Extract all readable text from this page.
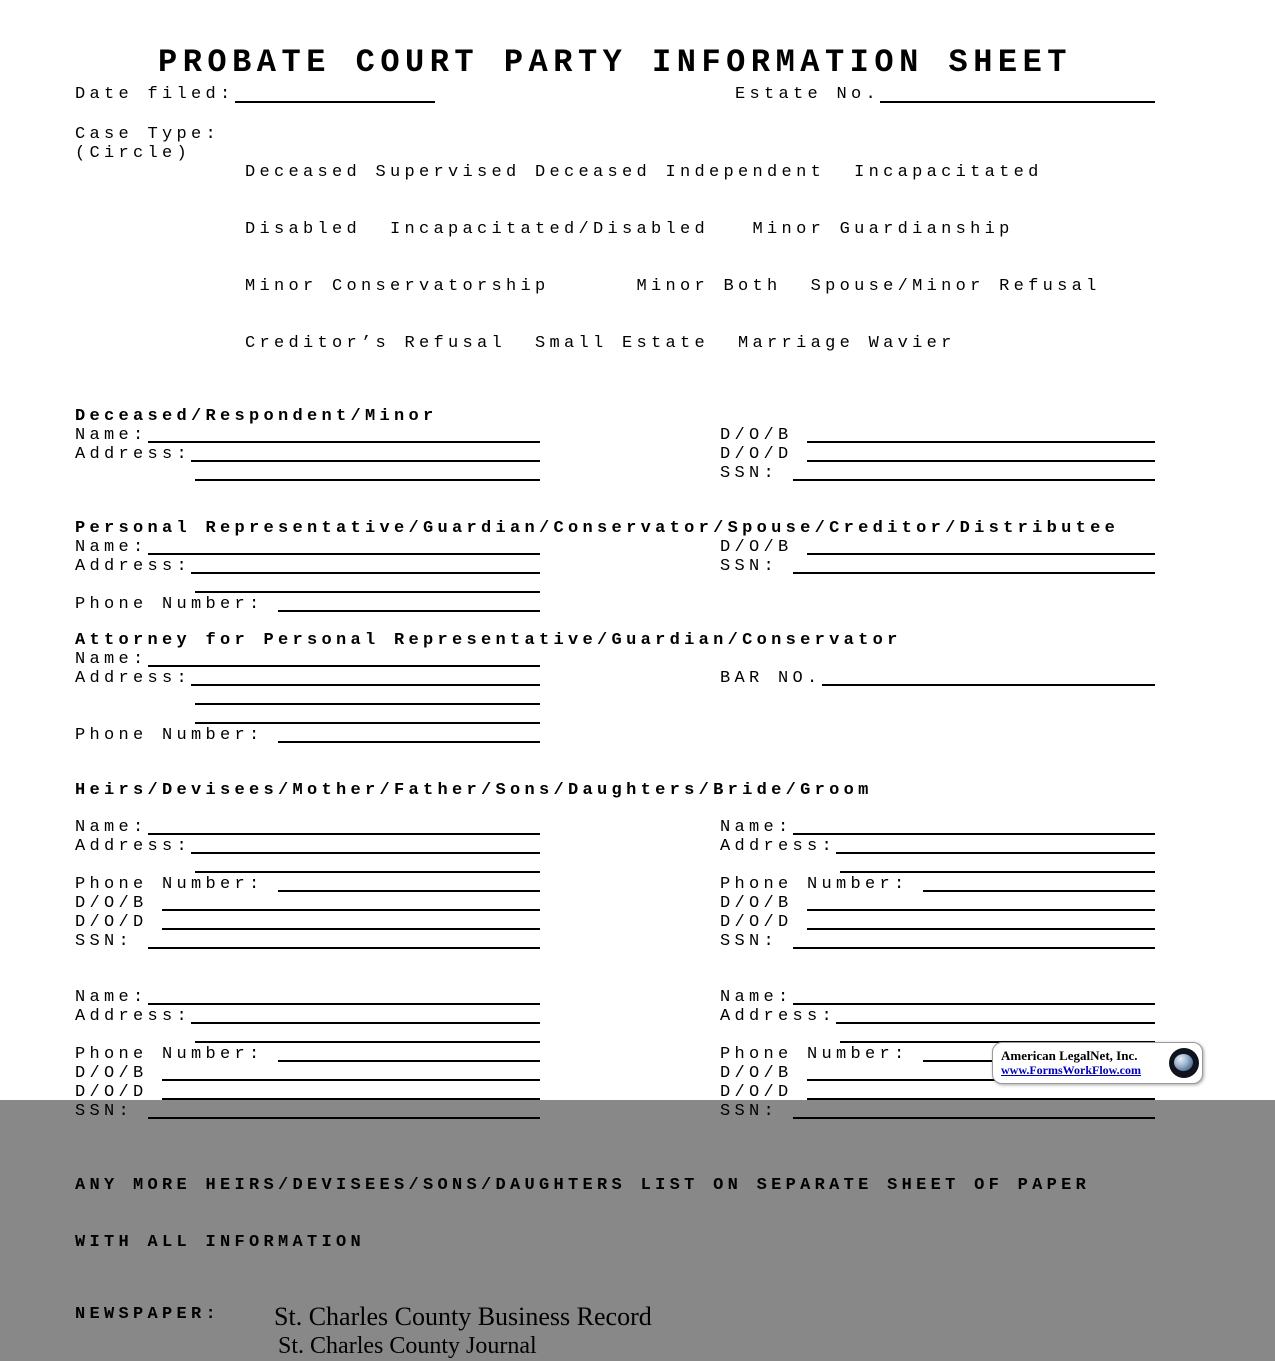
PROBATE COURT PARTY INFORMATION SHEET
Date filed:	Estate No.
Case Type:
(Circle)

Deceased Supervised Deceased Independent  Incapacitated

Disabled  Incapacitated/Disabled   Minor Guardianship

Minor Conservatorship      Minor Both  Spouse/Minor Refusal

Creditor’s Refusal  Small Estate  Marriage Wavier

Deceased/Respondent/Minor
Name:
Address:
D/O/B
D/O/D
SSN:
Personal Representative/Guardian/Conservator/Spouse/Creditor/Distributee
Name:
Address:
Phone Number:
D/O/B
SSN:
Attorney for Personal Representative/Guardian/Conservator
Name:
Address:
Phone Number:
BAR NO.
Heirs/Devisees/Mother/Father/Sons/Daughters/Bride/Groom
Name:
Address:
Phone Number:
D/O/B
D/O/D
SSN:
Name:
Address:
Phone Number:
D/O/B
D/O/D
SSN:
Name:
Address:
Phone Number:
D/O/B
D/O/D
SSN:
Name:
Address:
Phone Number:
D/O/B
D/O/D
SSN:

ANY MORE HEIRS/DEVISEES/SONS/DAUGHTERS LIST ON SEPARATE SHEET OF PAPER

WITH ALL INFORMATION

NEWSPAPER: St. Charles County Business Record
St. Charles County Journal
American LegalNet, Inc.
www.FormsWorkFlow.com
